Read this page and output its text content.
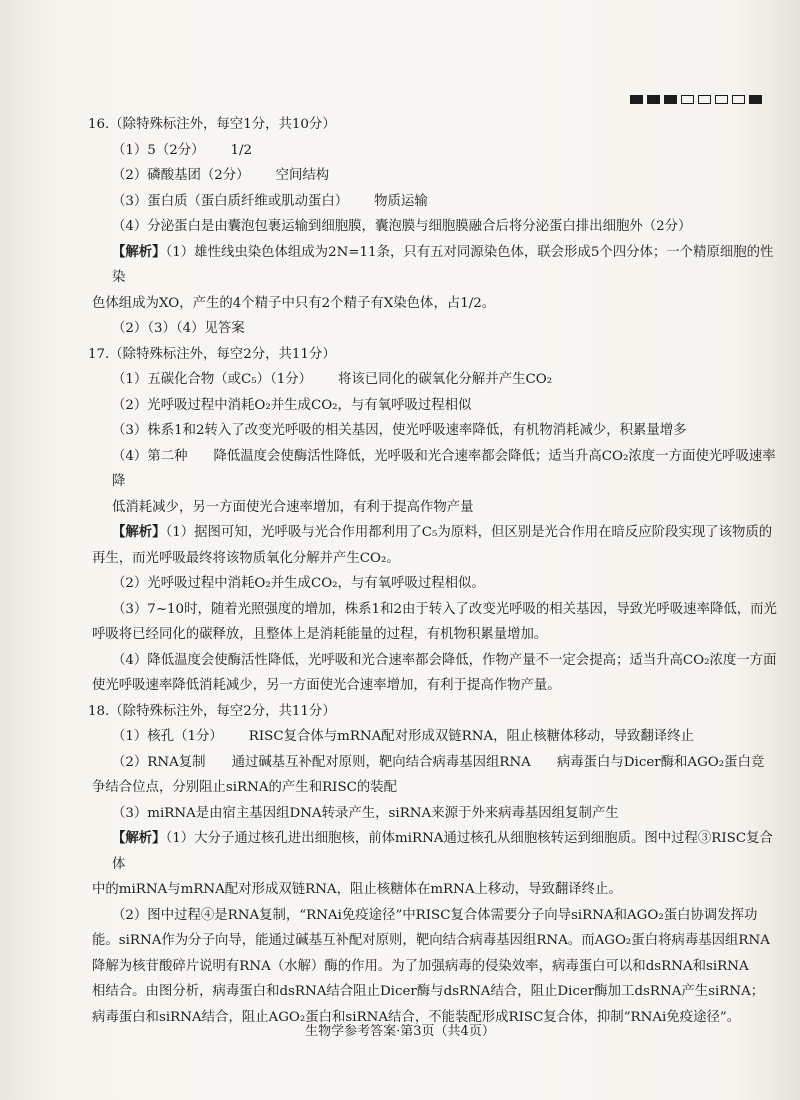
16.（除特殊标注外，每空1分，共10分）

（1）5（2分） 1/2

（2）磷酸基团（2分） 空间结构

（3）蛋白质（蛋白质纤维或肌动蛋白） 物质运输

（4）分泌蛋白是由囊泡包裹运输到细胞膜，囊泡膜与细胞膜融合后将分泌蛋白排出细胞外（2分）

【解析】（1）雄性线虫染色体组成为2N=11条，只有五对同源染色体，联会形成5个四分体；一个精原细胞的性染

色体组成为XO，产生的4个精子中只有2个精子有X染色体，占1/2。

（2）（3）（4）见答案

17.（除特殊标注外，每空2分，共11分）

（1）五碳化合物（或C₅）（1分） 将该已同化的碳氧化分解并产生CO₂

（2）光呼吸过程中消耗O₂并生成CO₂，与有氧呼吸过程相似

（3）株系1和2转入了改变光呼吸的相关基因，使光呼吸速率降低，有机物消耗减少，积累量增多

（4）第二种 降低温度会使酶活性降低，光呼吸和光合速率都会降低；适当升高CO₂浓度一方面使光呼吸速率降

低消耗减少，另一方面使光合速率增加，有利于提高作物产量

【解析】（1）据图可知，光呼吸与光合作用都利用了C₅为原料，但区别是光合作用在暗反应阶段实现了该物质的

再生，而光呼吸最终将该物质氧化分解并产生CO₂。

（2）光呼吸过程中消耗O₂并生成CO₂，与有氧呼吸过程相似。

（3）7~10时，随着光照强度的增加，株系1和2由于转入了改变光呼吸的相关基因，导致光呼吸速率降低，而光

呼吸将已经同化的碳释放，且整体上是消耗能量的过程，有机物积累量增加。

（4）降低温度会使酶活性降低，光呼吸和光合速率都会降低，作物产量不一定会提高；适当升高CO₂浓度一方面

使光呼吸速率降低消耗减少，另一方面使光合速率增加，有利于提高作物产量。

18.（除特殊标注外，每空2分，共11分）

（1）核孔（1分） RISC复合体与mRNA配对形成双链RNA，阻止核糖体移动，导致翻译终止

（2）RNA复制 通过碱基互补配对原则，靶向结合病毒基因组RNA 病毒蛋白与Dicer酶和AGO₂蛋白竞

争结合位点，分别阻止siRNA的产生和RISC的装配

（3）miRNA是由宿主基因组DNA转录产生，siRNA来源于外来病毒基因组复制产生

【解析】（1）大分子通过核孔进出细胞核，前体miRNA通过核孔从细胞核转运到细胞质。图中过程③RISC复合体

中的miRNA与mRNA配对形成双链RNA，阻止核糖体在mRNA上移动，导致翻译终止。

（2）图中过程④是RNA复制，“RNAi免疫途径”中RISC复合体需要分子向导siRNA和AGO₂蛋白协调发挥功

能。siRNA作为分子向导，能通过碱基互补配对原则，靶向结合病毒基因组RNA。而AGO₂蛋白将病毒基因组RNA

降解为核苷酸碎片说明有RNA（水解）酶的作用。为了加强病毒的侵染效率，病毒蛋白可以和dsRNA和siRNA

相结合。由图分析，病毒蛋白和dsRNA结合阻止Dicer酶与dsRNA结合，阻止Dicer酶加工dsRNA产生siRNA；

病毒蛋白和siRNA结合，阻止AGO₂蛋白和siRNA结合，不能装配形成RISC复合体，抑制“RNAi免疫途径”。

生物学参考答案·第3页（共4页）
